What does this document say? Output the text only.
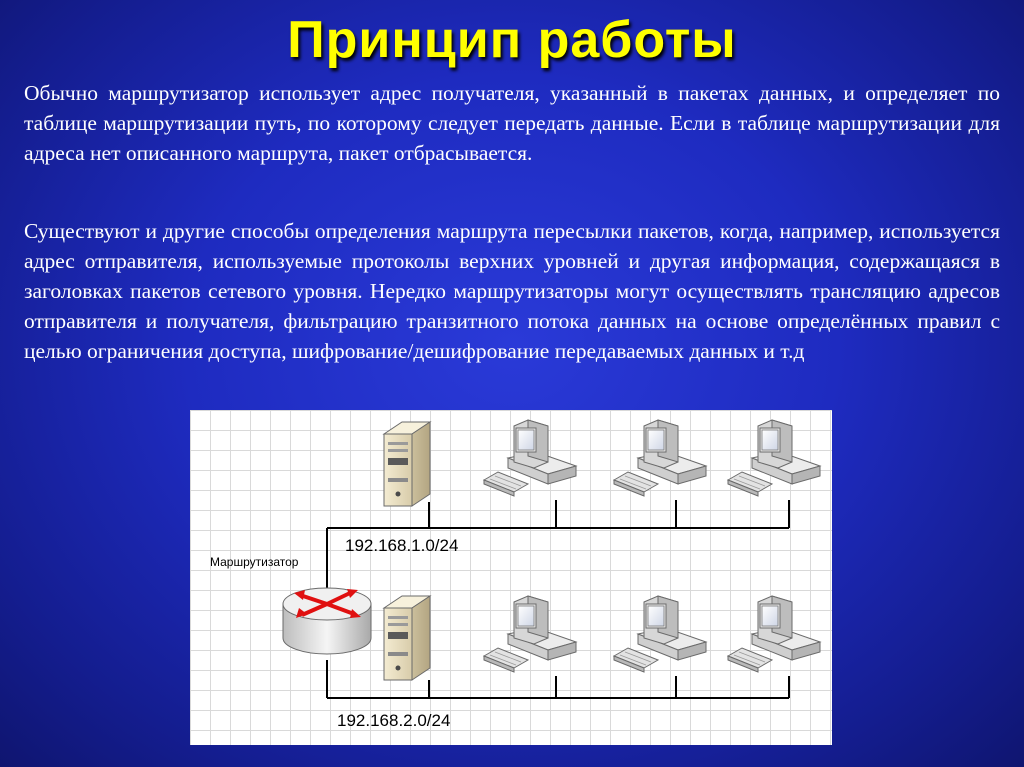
Принцип работы

Обычно маршрутизатор использует адрес получателя, указанный в пакетах данных, и определяет по таблице маршрутизации путь, по которому следует передать данные. Если в таблице маршрутизации для адреса нет описанного маршрута, пакет отбрасывается.

Существуют и другие способы определения маршрута пересылки пакетов, когда, например, используется адрес отправителя, используемые протоколы верхних уровней и другая информация, содержащаяся в заголовках пакетов сетевого уровня. Нередко маршрутизаторы могут осуществлять трансляцию адресов отправителя и получателя, фильтрацию транзитного потока данных на основе определённых правил с целью ограничения доступа, шифрование/дешифрование передаваемых данных и т.д

Маршрутизатор
192.168.1.0/24
192.168.2.0/24
